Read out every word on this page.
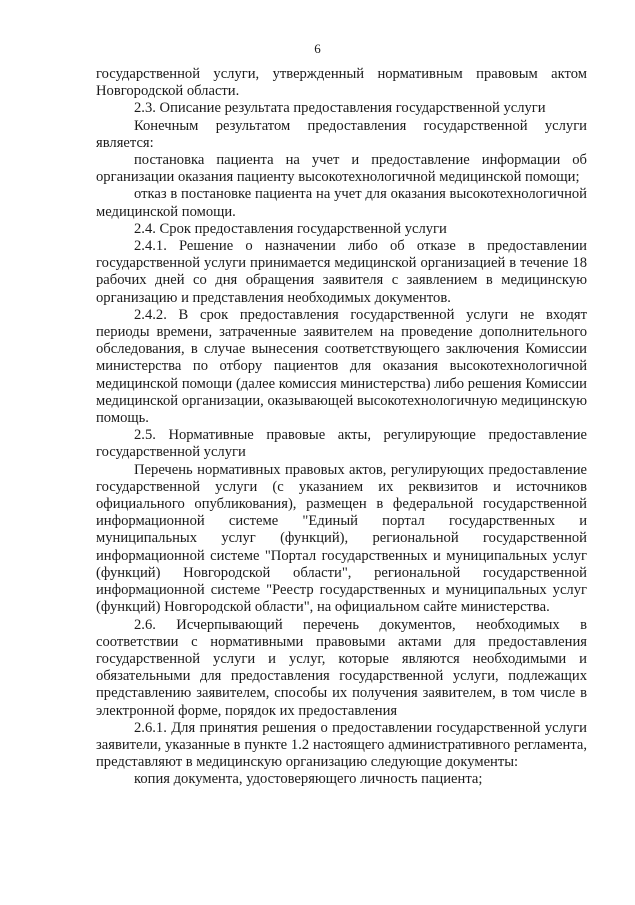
6

государственной услуги, утвержденный нормативным правовым актом Новгородской области.

2.3. Описание результата предоставления государственной услуги

Конечным результатом предоставления государственной услуги является:

постановка пациента на учет и предоставление информации об организации оказания пациенту высокотехнологичной медицинской помощи;

отказ в постановке пациента на учет для оказания высокотехнологичной медицинской помощи.

2.4. Срок предоставления государственной услуги

2.4.1. Решение о назначении либо об отказе в предоставлении государственной услуги принимается медицинской организацией в течение 18 рабочих дней со дня обращения заявителя с заявлением в медицинскую организацию и представления необходимых документов.

2.4.2. В срок предоставления государственной услуги не входят периоды времени, затраченные заявителем на проведение дополнительного обследования, в случае вынесения соответствующего заключения Комиссии министерства по отбору пациентов для оказания высокотехнологичной медицинской помощи (далее комиссия министерства) либо решения Комиссии медицинской организации, оказывающей высокотехнологичную медицинскую помощь.

2.5. Нормативные правовые акты, регулирующие предоставление государственной услуги

Перечень нормативных правовых актов, регулирующих предоставление государственной услуги (с указанием их реквизитов и источников официального опубликования), размещен в федеральной государственной информационной системе "Единый портал государственных и муниципальных услуг (функций), региональной государственной информационной системе "Портал государственных и муниципальных услуг (функций) Новгородской области", региональной государственной информационной системе "Реестр государственных и муниципальных услуг (функций) Новгородской области", на официальном сайте министерства.

2.6. Исчерпывающий перечень документов, необходимых в соответствии с нормативными правовыми актами для предоставления государственной услуги и услуг, которые являются необходимыми и обязательными для предоставления государственной услуги, подлежащих представлению заявителем, способы их получения заявителем, в том числе в электронной форме, порядок их предоставления

2.6.1. Для принятия решения о предоставлении государственной услуги заявители, указанные в пункте 1.2 настоящего административного регламента, представляют в медицинскую организацию следующие документы:

копия документа, удостоверяющего личность пациента;
